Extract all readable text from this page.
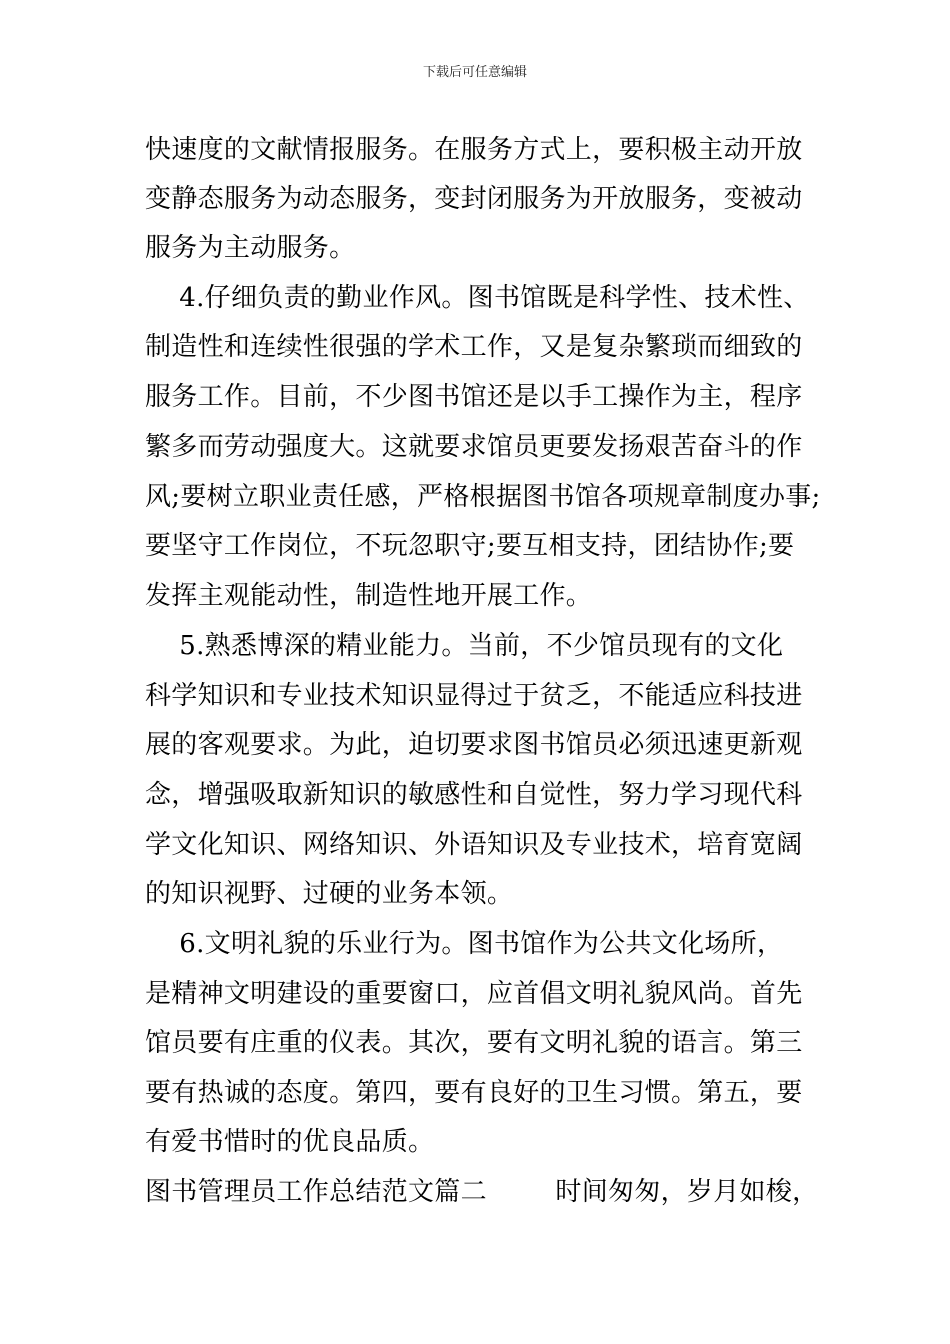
下载后可任意编辑
快速度的文献情报服务。在服务方式上，要积极主动开放
变静态服务为动态服务，变封闭服务为开放服务，变被动
服务为主动服务。
4.仔细负责的勤业作风。图书馆既是科学性、技术性、
制造性和连续性很强的学术工作，又是复杂繁琐而细致的
服务工作。目前，不少图书馆还是以手工操作为主，程序
繁多而劳动强度大。这就要求馆员更要发扬艰苦奋斗的作
风;要树立职业责任感，严格根据图书馆各项规章制度办事;
要坚守工作岗位，不玩忽职守;要互相支持，团结协作;要
发挥主观能动性，制造性地开展工作。
5.熟悉博深的精业能力。当前，不少馆员现有的文化
科学知识和专业技术知识显得过于贫乏，不能适应科技进
展的客观要求。为此，迫切要求图书馆员必须迅速更新观
念，增强吸取新知识的敏感性和自觉性，努力学习现代科
学文化知识、网络知识、外语知识及专业技术，培育宽阔
的知识视野、过硬的业务本领。
6.文明礼貌的乐业行为。图书馆作为公共文化场所，
是精神文明建设的重要窗口，应首倡文明礼貌风尚。首先
馆员要有庄重的仪表。其次，要有文明礼貌的语言。第三
要有热诚的态度。第四，要有良好的卫生习惯。第五，要
有爱书惜时的优良品质。
图书管理员工作总结范文篇二        时间匆匆，岁月如梭，
